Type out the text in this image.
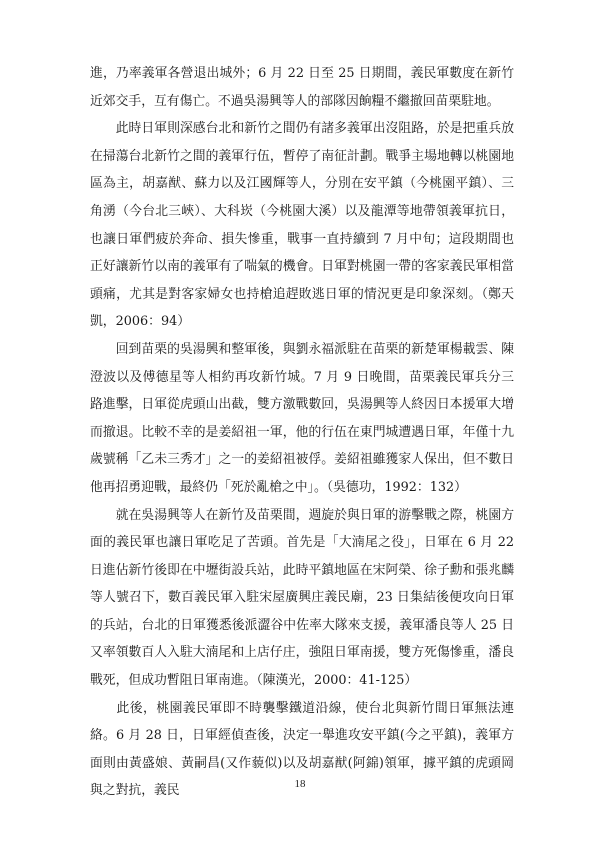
進，乃率義軍各營退出城外；6 月 22 日至 25 日期間，義民軍數度在新竹近郊交手，互有傷亡。不過吳湯興等人的部隊因餉糧不繼撤回苗栗駐地。

　　此時日軍則深感台北和新竹之間仍有諸多義軍出沒阻路，於是把重兵放在掃蕩台北新竹之間的義軍行伍，暫停了南征計劃。戰爭主場地轉以桃園地區為主，胡嘉猷、蘇力以及江國輝等人，分別在安平鎮（今桃園平鎮）、三角湧（今台北三峽）、大科崁（今桃園大溪）以及龍潭等地帶領義軍抗日，也讓日軍們疲於奔命、損失慘重，戰事一直持續到 7 月中旬；這段期間也正好讓新竹以南的義軍有了喘氣的機會。日軍對桃園一帶的客家義民軍相當頭痛，尤其是對客家婦女也持槍追趕敗逃日軍的情況更是印象深刻。（鄭天凱，2006：94）

　　回到苗栗的吳湯興和整軍後，與劉永福派駐在苗栗的新楚軍楊載雲、陳澄波以及傅德星等人相約再攻新竹城。7 月 9 日晚間，苗栗義民軍兵分三路進擊，日軍從虎頭山出截，雙方激戰數回，吳湯興等人終因日本援軍大增而撤退。比較不幸的是姜紹祖一軍，他的行伍在東門城遭遇日軍，年僅十九歲號稱「乙未三秀才」之一的姜紹祖被俘。姜紹祖雖獲家人保出，但不數日他再招勇迎戰，最終仍「死於亂槍之中」。（吳德功，1992：132）

　　就在吳湯興等人在新竹及苗栗間，週旋於與日軍的游擊戰之際，桃園方面的義民軍也讓日軍吃足了苦頭。首先是「大湳尾之役」，日軍在 6 月 22 日進佔新竹後即在中壢街設兵站，此時平鎮地區在宋阿榮、徐子勳和張兆麟等人號召下，數百義民軍入駐宋屋廣興庄義民廟，23 日集結後便攻向日軍的兵站，台北的日軍獲悉後派澀谷中佐率大隊來支援，義軍潘良等人 25 日又率領數百人入駐大湳尾和上店仔庄，強阻日軍南援，雙方死傷慘重，潘良戰死，但成功暫阻日軍南進。（陳漢光，2000：41-125）

　　此後，桃園義民軍即不時襲擊鐵道沿線，使台北與新竹間日軍無法連絡。6 月 28 日，日軍經偵查後，決定一舉進攻安平鎮(今之平鎮)，義軍方面則由黃盛娘、黃嗣昌(又作藐似)以及胡嘉猷(阿錦)領軍，據平鎮的虎頭岡與之對抗，義民	18
